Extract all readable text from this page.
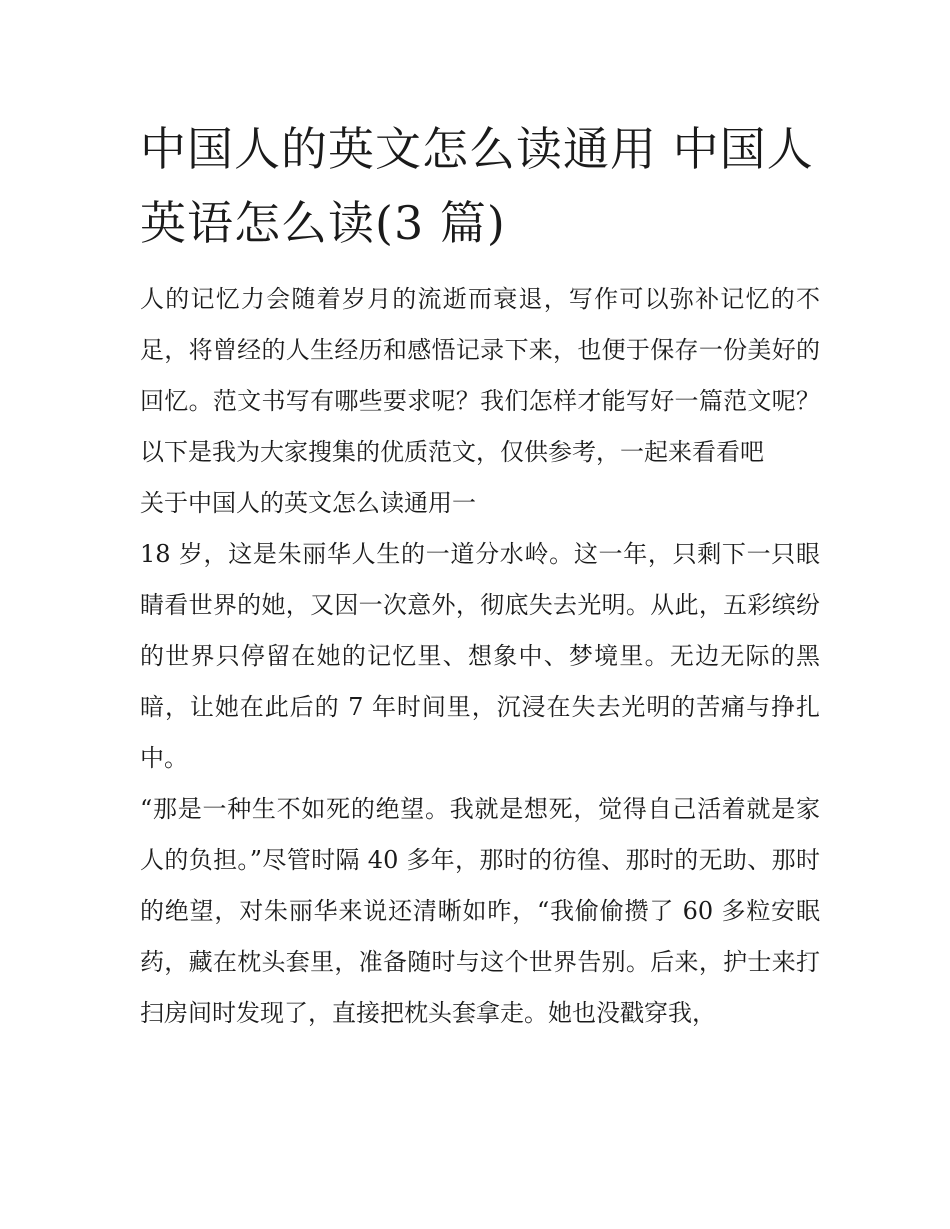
中国人的英文怎么读通用 中国人英语怎么读(3 篇)

人的记忆力会随着岁月的流逝而衰退，写作可以弥补记忆的不足，将曾经的人生经历和感悟记录下来，也便于保存一份美好的回忆。范文书写有哪些要求呢？我们怎样才能写好一篇范文呢？以下是我为大家搜集的优质范文，仅供参考，一起来看看吧

关于中国人的英文怎么读通用一

18 岁，这是朱丽华人生的一道分水岭。这一年，只剩下一只眼睛看世界的她，又因一次意外，彻底失去光明。从此，五彩缤纷的世界只停留在她的记忆里、想象中、梦境里。无边无际的黑暗，让她在此后的 7 年时间里，沉浸在失去光明的苦痛与挣扎中。

“那是一种生不如死的绝望。我就是想死，觉得自己活着就是家人的负担。”尽管时隔 40 多年，那时的彷徨、那时的无助、那时的绝望，对朱丽华来说还清晰如昨，“我偷偷攒了 60 多粒安眠药，藏在枕头套里，准备随时与这个世界告别。后来，护士来打扫房间时发现了，直接把枕头套拿走。她也没戳穿我，
